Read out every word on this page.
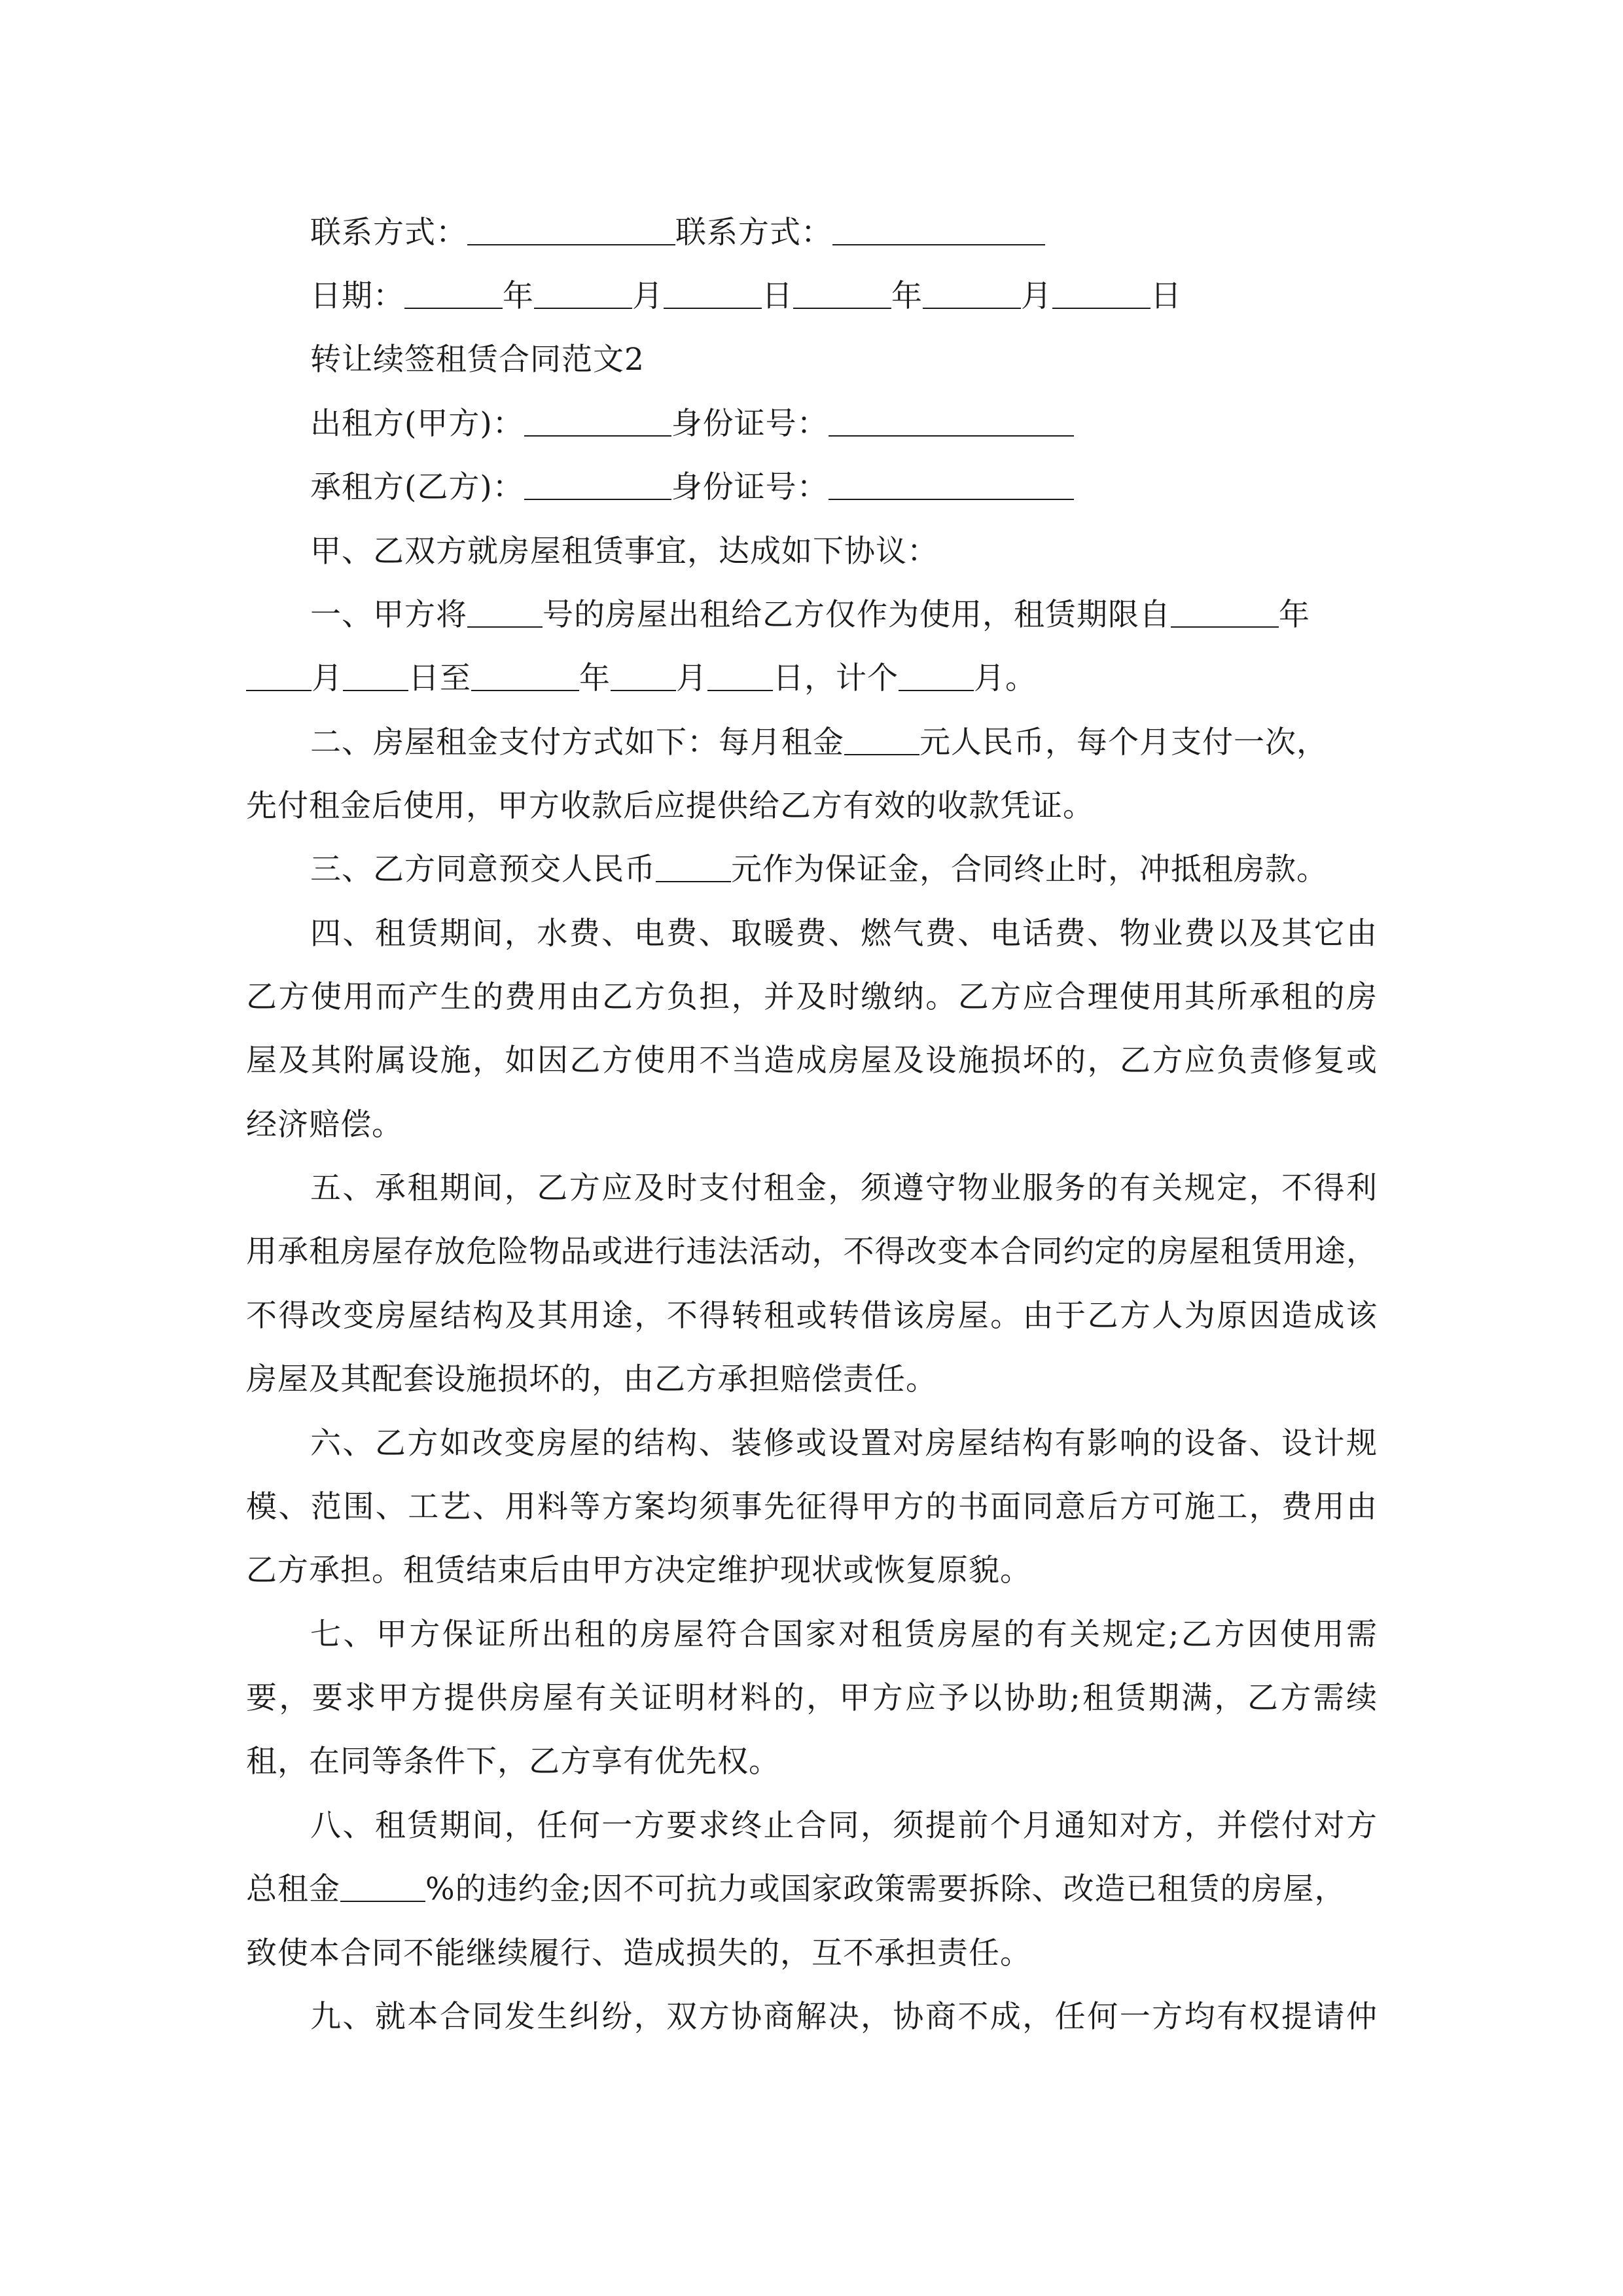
联系方式：	联系方式：
日期：	年	月	日	年	月	日
转让续签租赁合同范文2
出租方(甲方)：	身份证号：
承租方(乙方)：	身份证号：
甲、乙双方就房屋租赁事宜，达成如下协议：
一、甲方将 号的房屋出租给乙方仅作为使用，租赁期限自	年
月 日至	年 月 日，计个 月。
二、房屋租金支付方式如下：每月租金 元人民币，每个月支付一次，
先付租金后使用，甲方收款后应提供给乙方有效的收款凭证。
三、乙方同意预交人民币 元作为保证金，合同终止时，冲抵租房款。
四、租赁期间，水费、电费、取暖费、燃气费、电话费、物业费以及其它由
乙方使用而产生的费用由乙方负担，并及时缴纳。乙方应合理使用其所承租的房
屋及其附属设施，如因乙方使用不当造成房屋及设施损坏的，乙方应负责修复或
经济赔偿。
五、承租期间，乙方应及时支付租金，须遵守物业服务的有关规定，不得利
用承租房屋存放危险物品或进行违法活动，不得改变本合同约定的房屋租赁用途，
不得改变房屋结构及其用途，不得转租或转借该房屋。由于乙方人为原因造成该
房屋及其配套设施损坏的，由乙方承担赔偿责任。
六、乙方如改变房屋的结构、装修或设置对房屋结构有影响的设备、设计规
模、范围、工艺、用料等方案均须事先征得甲方的书面同意后方可施工，费用由
乙方承担。租赁结束后由甲方决定维护现状或恢复原貌。
七、甲方保证所出租的房屋符合国家对租赁房屋的有关规定;乙方因使用需
要，要求甲方提供房屋有关证明材料的，甲方应予以协助;租赁期满，乙方需续
租，在同等条件下，乙方享有优先权。
八、租赁期间，任何一方要求终止合同，须提前个月通知对方，并偿付对方
总租金	%的违约金;因不可抗力或国家政策需要拆除、改造已租赁的房屋，
致使本合同不能继续履行、造成损失的，互不承担责任。
九、就本合同发生纠纷，双方协商解决，协商不成，任何一方均有权提请仲
